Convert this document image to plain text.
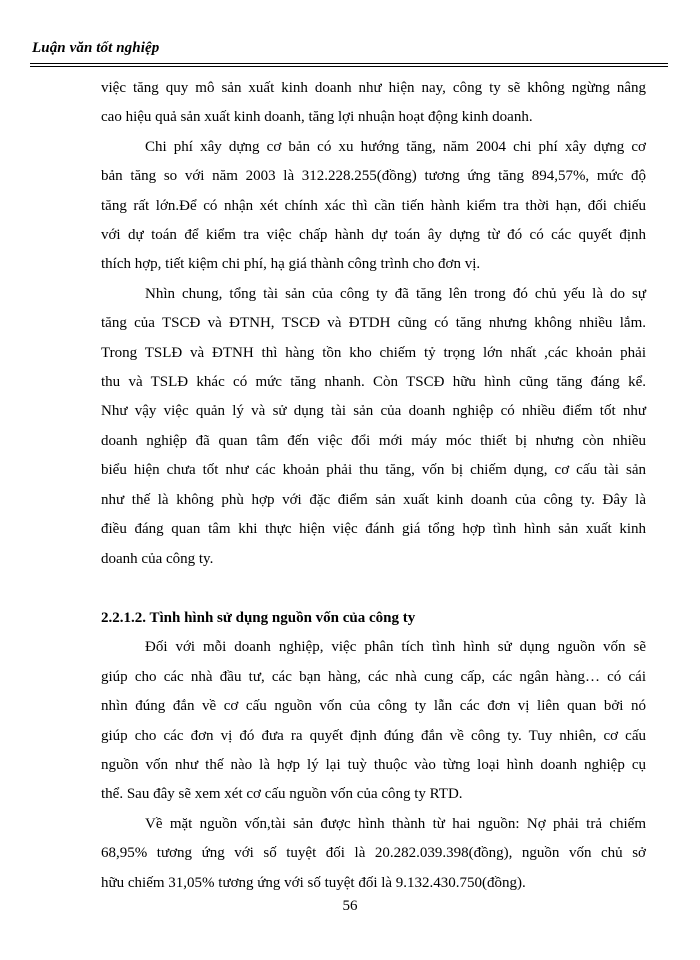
Luận văn tốt nghiệp
việc tăng quy mô sản xuất kinh doanh như hiện nay, công ty sẽ không ngừng nâng
cao hiệu quả sản xuất kinh doanh, tăng lợi nhuận hoạt động kinh doanh.
Chi phí xây dựng cơ bản có xu hướng tăng, năm 2004 chi phí xây dựng cơ
bản tăng so với năm 2003 là 312.228.255(đồng) tương ứng tăng 894,57%, mức độ
tăng rất lớn.Để có nhận xét chính xác thì cần tiến hành kiểm tra thời hạn, đối chiếu
với dự toán để kiểm tra việc chấp hành dự toán ây dựng từ đó có các quyết định
thích hợp, tiết kiệm chi phí, hạ giá thành công trình cho đơn vị.
Nhìn chung, tổng tài sản của công ty đã tăng lên trong đó chủ yếu là do sự
tăng của TSCĐ và ĐTNH, TSCĐ và ĐTDH cũng có tăng nhưng không nhiều lắm.
Trong TSLĐ và ĐTNH thì hàng tồn kho chiếm tỷ trọng lớn nhất ,các khoản phải
thu và TSLĐ khác có mức tăng nhanh. Còn TSCĐ hữu hình cũng tăng đáng kể.
Như vậy việc quản lý và sử dụng tài sản của doanh nghiệp có nhiều điểm tốt như
doanh nghiệp đã quan tâm đến việc đổi mới máy móc thiết bị nhưng còn nhiều
biểu hiện chưa tốt như các khoản phải thu tăng, vốn bị chiếm dụng, cơ cấu tài sản
như thế là không phù hợp với đặc điểm sản xuất kinh doanh của công ty. Đây là
điều đáng quan tâm khi thực hiện việc đánh giá tổng hợp tình hình sản xuất kinh
doanh của công ty.
2.2.1.2. Tình hình sử dụng nguồn vốn của công ty
Đối với mỗi doanh nghiệp, việc phân tích tình hình sử dụng nguồn vốn sẽ
giúp cho các nhà đầu tư, các bạn hàng, các nhà cung cấp, các ngân hàng… có cái
nhìn đúng đắn về cơ cấu nguồn vốn của công ty lẫn các đơn vị liên quan bởi nó
giúp cho các đơn vị đó đưa ra quyết định đúng đắn về công ty. Tuy nhiên, cơ cấu
nguồn vốn như thế nào là hợp lý lại tuỳ thuộc vào từng loại hình doanh nghiệp cụ
thể. Sau đây sẽ xem xét cơ cấu nguồn vốn của công ty RTD.
Về mặt nguồn vốn,tài sản được hình thành từ hai nguồn: Nợ phải trả chiếm
68,95% tương ứng với số tuyệt đối là 20.282.039.398(đồng), nguồn vốn chủ sở
hữu chiếm 31,05% tương ứng với số tuyệt đối là 9.132.430.750(đồng).
56
